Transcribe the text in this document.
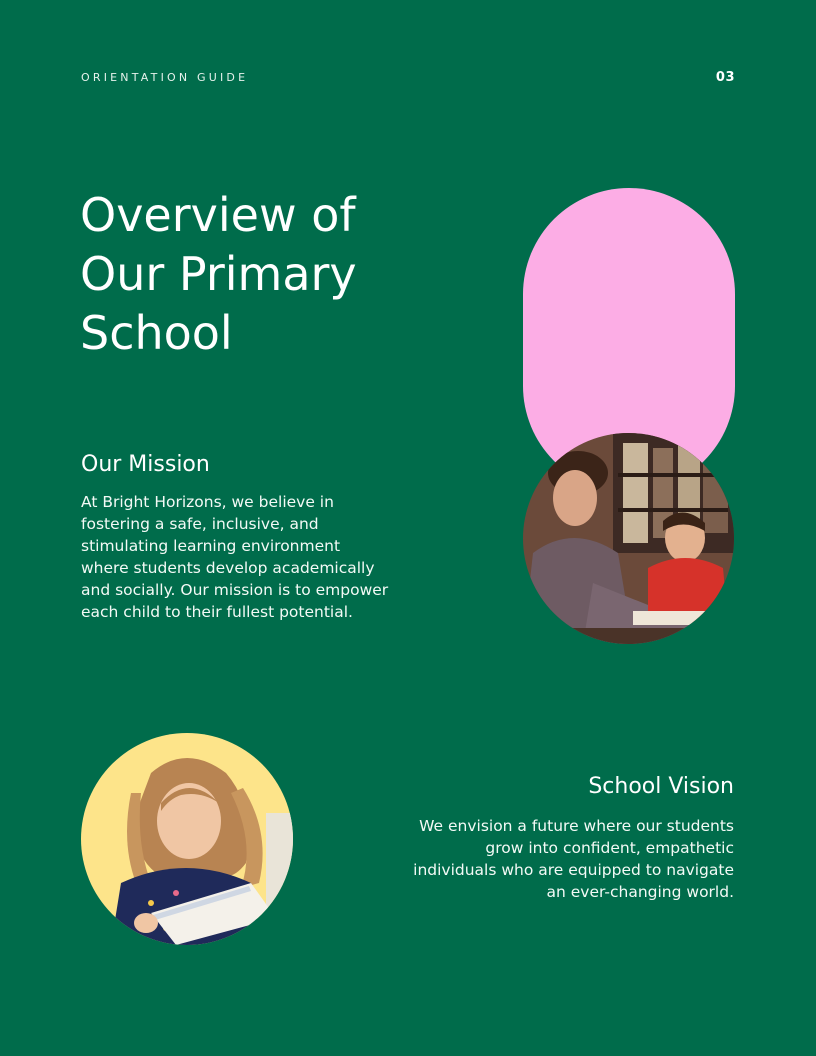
ORIENTATION GUIDE	03
Overview of
Our Primary
School
Our Mission

At Bright Horizons, we believe in
fostering a safe, inclusive, and
stimulating learning environment
where students develop academically
and socially. Our mission is to empower
each child to their fullest potential.

School Vision

We envision a future where our students
grow into confident, empathetic
individuals who are equipped to navigate
an ever-changing world.
